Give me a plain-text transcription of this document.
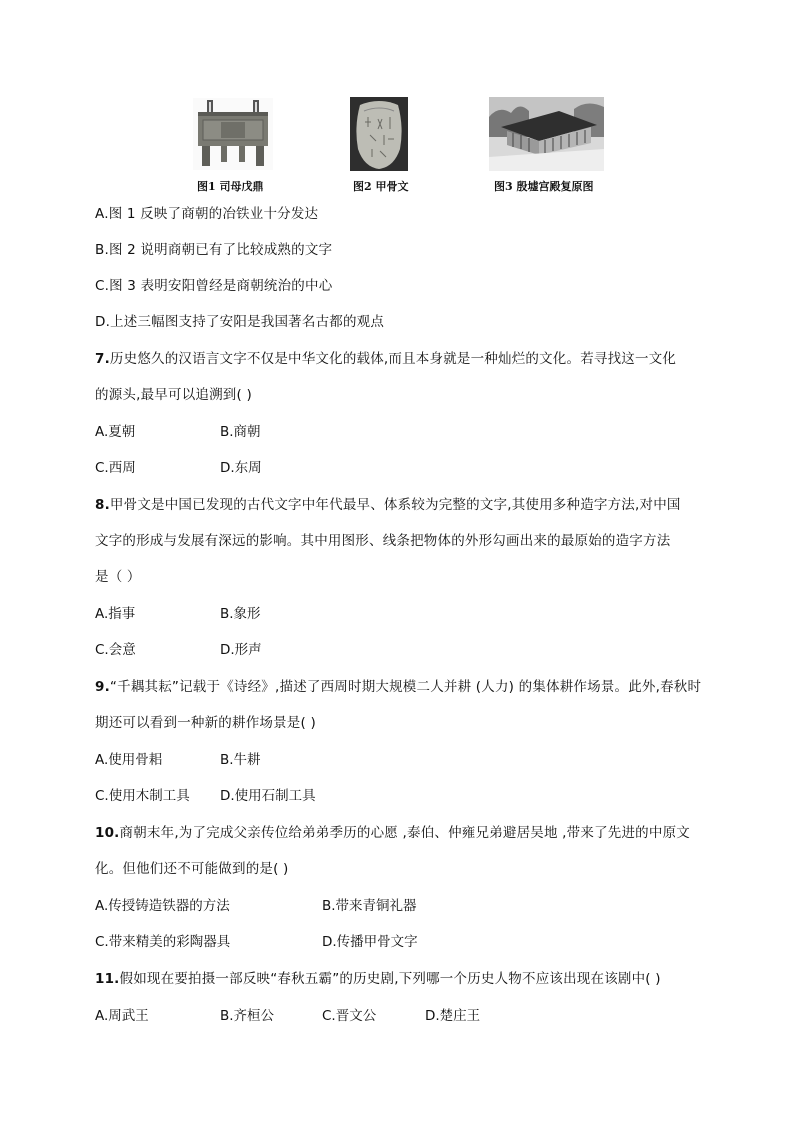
图1 司母戊鼎	图2 甲骨文	图3 殷墟宫殿复原图
A.图 1 反映了商朝的冶铁业十分发达
B.图 2 说明商朝已有了比较成熟的文字
C.图 3 表明安阳曾经是商朝统治的中心
D.上述三幅图支持了安阳是我国著名古都的观点
7.历史悠久的汉语言文字不仅是中华文化的载体,而且本身就是一种灿烂的文化。若寻找这一文化
的源头,最早可以追溯到( )
A.夏朝	B.商朝
C.西周	D.东周
8.甲骨文是中国已发现的古代文字中年代最早、体系较为完整的文字,其使用多种造字方法,对中国
文字的形成与发展有深远的影响。其中用图形、线条把物体的外形勾画出来的最原始的造字方法
是（ ）
A.指事	B.象形
C.会意	D.形声
9.“千耦其耘”记载于《诗经》,描述了西周时期大规模二人并耕 (人力) 的集体耕作场景。此外,春秋时
期还可以看到一种新的耕作场景是( )
A.使用骨耜	B.牛耕
C.使用木制工具 D.使用石制工具
10.商朝末年,为了完成父亲传位给弟弟季历的心愿 ,泰伯、仲雍兄弟避居吴地 ,带来了先进的中原文
化。但他们还不可能做到的是( )
A.传授铸造铁器的方法	B.带来青铜礼器
C.带来精美的彩陶器具	D.传播甲骨文字
11.假如现在要拍摄一部反映“春秋五霸”的历史剧,下列哪一个历史人物不应该出现在该剧中( )
A.周武王	B.齐桓公	C.晋文公	D.楚庄王
